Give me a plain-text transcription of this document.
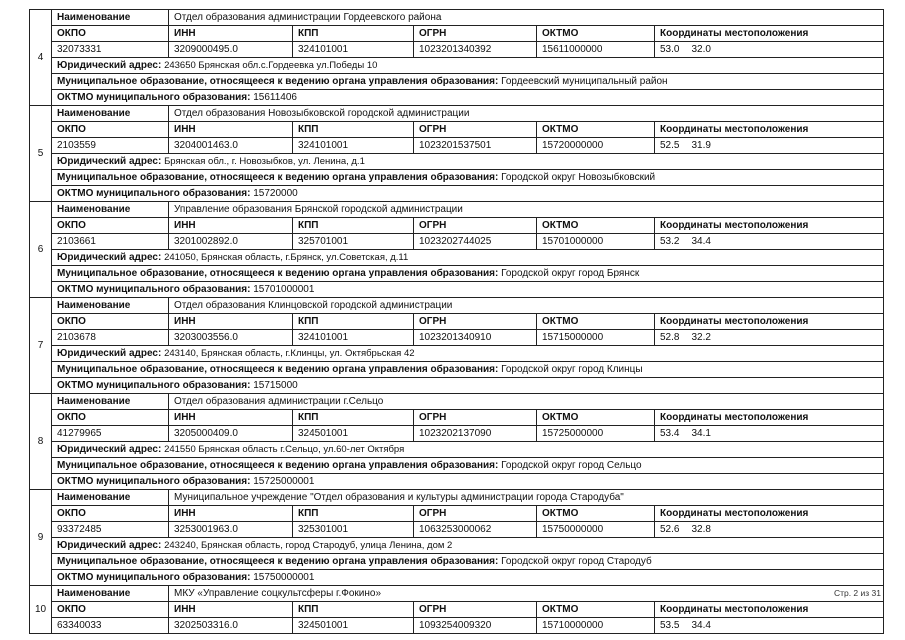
4	Наименование	Отдел образования администрации Гордеевского района				
	ОКПО	ИНН	КПП	ОГРН	ОКТМО	Координаты местоположения
	32073331	3209000495.0	324101001	1023201340392	15611000000	53.0 32.0
	Юридический адрес: 243650 Брянская обл.с.Гордеевка ул.Победы 10					
	Муниципальное образование, относящееся к ведению органа управления образования: Гордеевский муниципальный район					
	ОКТМО муниципального образования: 15611406					
5	Наименование	Отдел образования Новозыбковской городской администрации				
	ОКПО	ИНН	КПП	ОГРН	ОКТМО	Координаты местоположения
	2103559	3204001463.0	324101001	1023201537501	15720000000	52.5 31.9
	Юридический адрес: Брянская обл., г. Новозыбков, ул. Ленина, д.1					
	Муниципальное образование, относящееся к ведению органа управления образования: Городской округ Новозыбковский					
	ОКТМО муниципального образования: 15720000					
6	Наименование	Управление образования Брянской городской администрации				
	ОКПО	ИНН	КПП	ОГРН	ОКТМО	Координаты местоположения
	2103661	3201002892.0	325701001	1023202744025	15701000000	53.2 34.4
	Юридический адрес: 241050, Брянская область, г.Брянск, ул.Советская, д.11					
	Муниципальное образование, относящееся к ведению органа управления образования: Городской округ город Брянск					
	ОКТМО муниципального образования: 15701000001					
7	Наименование	Отдел образования Клинцовской городской администрации				
	ОКПО	ИНН	КПП	ОГРН	ОКТМО	Координаты местоположения
	2103678	3203003556.0	324101001	1023201340910	15715000000	52.8 32.2
	Юридический адрес: 243140, Брянская область, г.Клинцы, ул. Октябрьская 42					
	Муниципальное образование, относящееся к ведению органа управления образования: Городской округ город Клинцы					
	ОКТМО муниципального образования: 15715000					
8	Наименование	Отдел образования администрации г.Сельцо				
	ОКПО	ИНН	КПП	ОГРН	ОКТМО	Координаты местоположения
	41279965	3205000409.0	324501001	1023202137090	15725000000	53.4 34.1
	Юридический адрес: 241550 Брянская область г.Сельцо, ул.60-лет Октября					
	Муниципальное образование, относящееся к ведению органа управления образования: Городской округ город Сельцо					
	ОКТМО муниципального образования: 15725000001					
9	Наименование	Муниципальное учреждение "Отдел образования и культуры администрации города Стародуба"				
	ОКПО	ИНН	КПП	ОГРН	ОКТМО	Координаты местоположения
	93372485	3253001963.0	325301001	1063253000062	15750000000	52.6 32.8
	Юридический адрес: 243240, Брянская область, город Стародуб, улица Ленина, дом 2					
	Муниципальное образование, относящееся к ведению органа управления образования: Городской округ город Стародуб					
	ОКТМО муниципального образования: 15750000001					
10	Наименование	МКУ «Управление соцкультсферы г.Фокино»				
	ОКПО	ИНН	КПП	ОГРН	ОКТМО	Координаты местоположения
	63340033	3202503316.0	324501001	1093254009320	15710000000	53.5 34.4
Стр. 2 из 31
